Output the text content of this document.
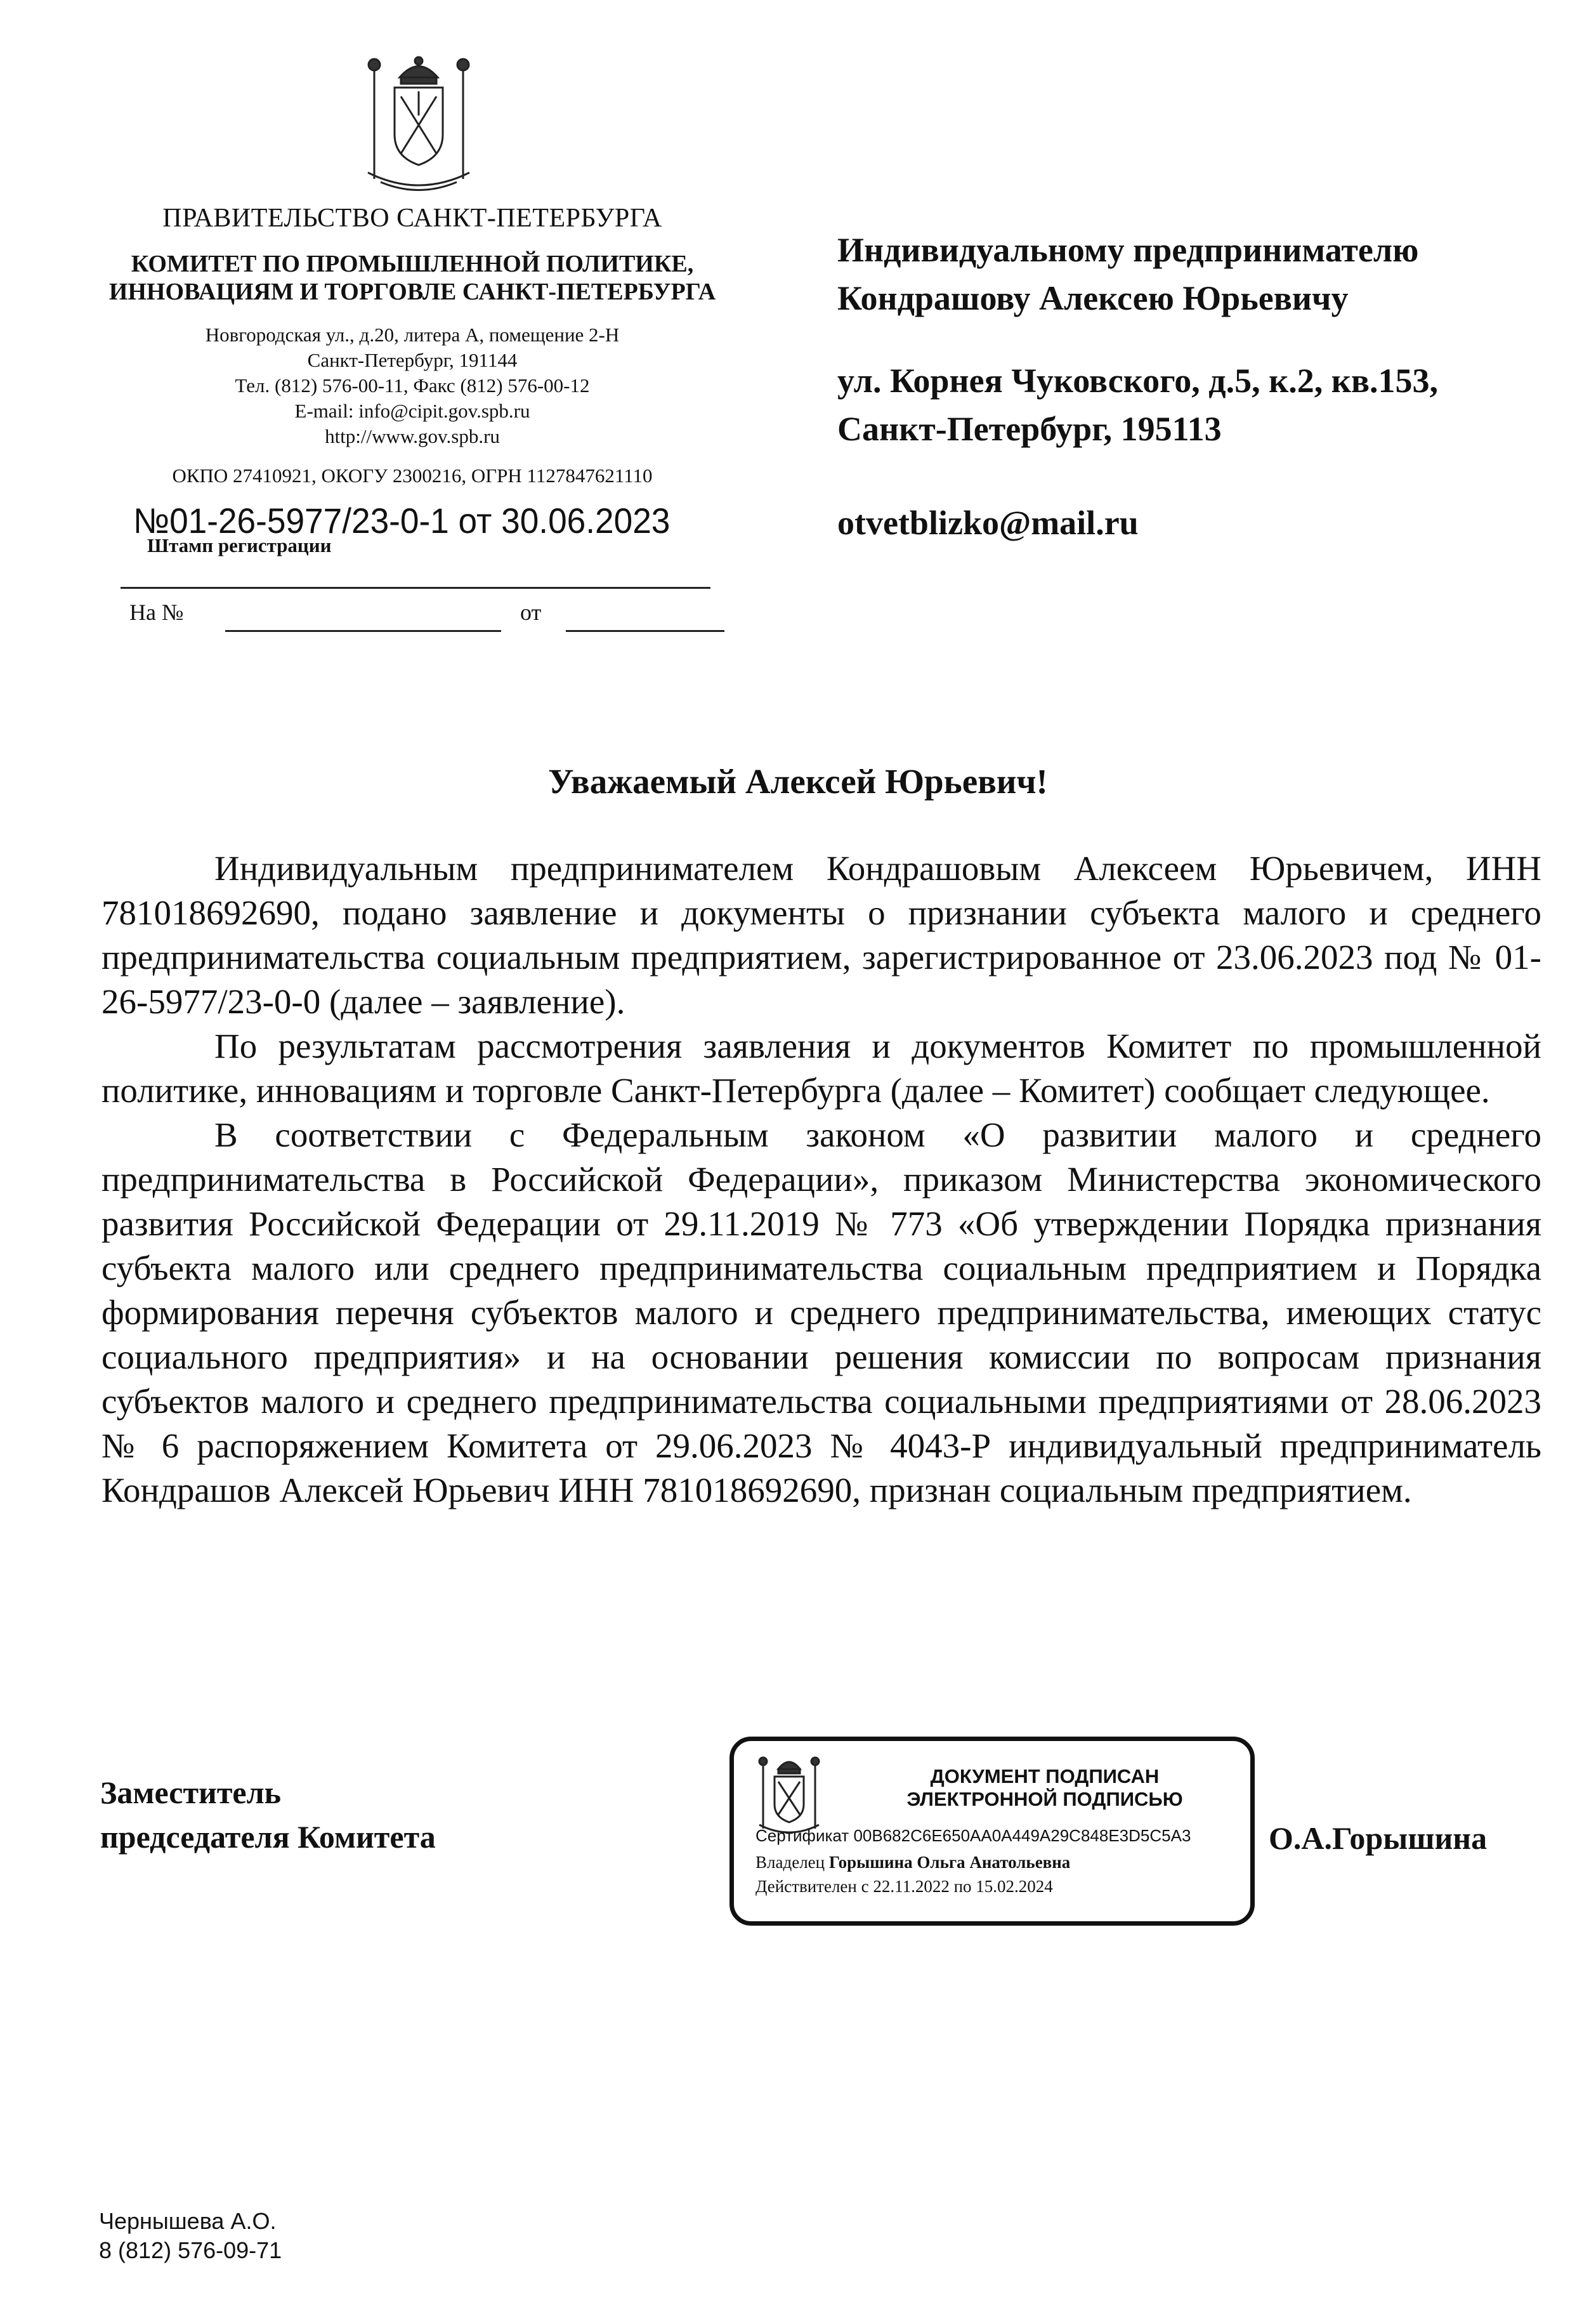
ПРАВИТЕЛЬСТВО САНКТ-ПЕТЕРБУРГА
КОМИТЕТ ПО ПРОМЫШЛЕННОЙ ПОЛИТИКЕ,
ИННОВАЦИЯМ И ТОРГОВЛЕ САНКТ-ПЕТЕРБУРГА
Новгородская ул., д.20, литера А, помещение 2-Н
Санкт-Петербург, 191144
Тел. (812) 576-00-11, Факс (812) 576-00-12
E-mail: info@cipit.gov.spb.ru
http://www.gov.spb.ru
ОКПО 27410921, ОКОГУ 2300216, ОГРН 1127847621110
№01-26-5977/23-0-1 от 30.06.2023
Штамп регистрации
На №	от
Индивидуальному предпринимателю
Кондрашову Алексею Юрьевичу
ул. Корнея Чуковского, д.5, к.2, кв.153,
Санкт-Петербург, 195113
otvetblizko@mail.ru
Уважаемый Алексей Юрьевич!

Индивидуальным предпринимателем Кондрашовым Алексеем Юрьевичем, ИНН 781018692690, подано заявление и документы о признании субъекта малого и среднего предпринимательства социальным предприятием, зарегистрированное от 23.06.2023 под № 01-26-5977/23-0-0 (далее – заявление).

По результатам рассмотрения заявления и документов Комитет по промышленной политике, инновациям и торговле Санкт-Петербурга (далее – Комитет) сообщает следующее.

В соответствии с Федеральным законом «О развитии малого и среднего предпринимательства в Российской Федерации», приказом Министерства экономического развития Российской Федерации от 29.11.2019 № 773 «Об утверждении Порядка признания субъекта малого или среднего предпринимательства социальным предприятием и Порядка формирования перечня субъектов малого и среднего предпринимательства, имеющих статус социального предприятия» и на основании решения комиссии по вопросам признания субъектов малого и среднего предпринимательства социальными предприятиями от 28.06.2023 № 6 распоряжением Комитета от 29.06.2023 № 4043-Р индивидуальный предприниматель Кондрашов Алексей Юрьевич ИНН 781018692690, признан социальным предприятием.

Заместитель
председателя Комитета
ДОКУМЕНТ ПОДПИСАН
ЭЛЕКТРОННОЙ ПОДПИСЬЮ
Сертификат 00B682C6E650AA0A449A29C848E3D5C5A3
Владелец Горышина Ольга Анатольевна
Действителен с 22.11.2022 по 15.02.2024
О.А.Горышина
Чернышева А.О.
8 (812) 576-09-71
